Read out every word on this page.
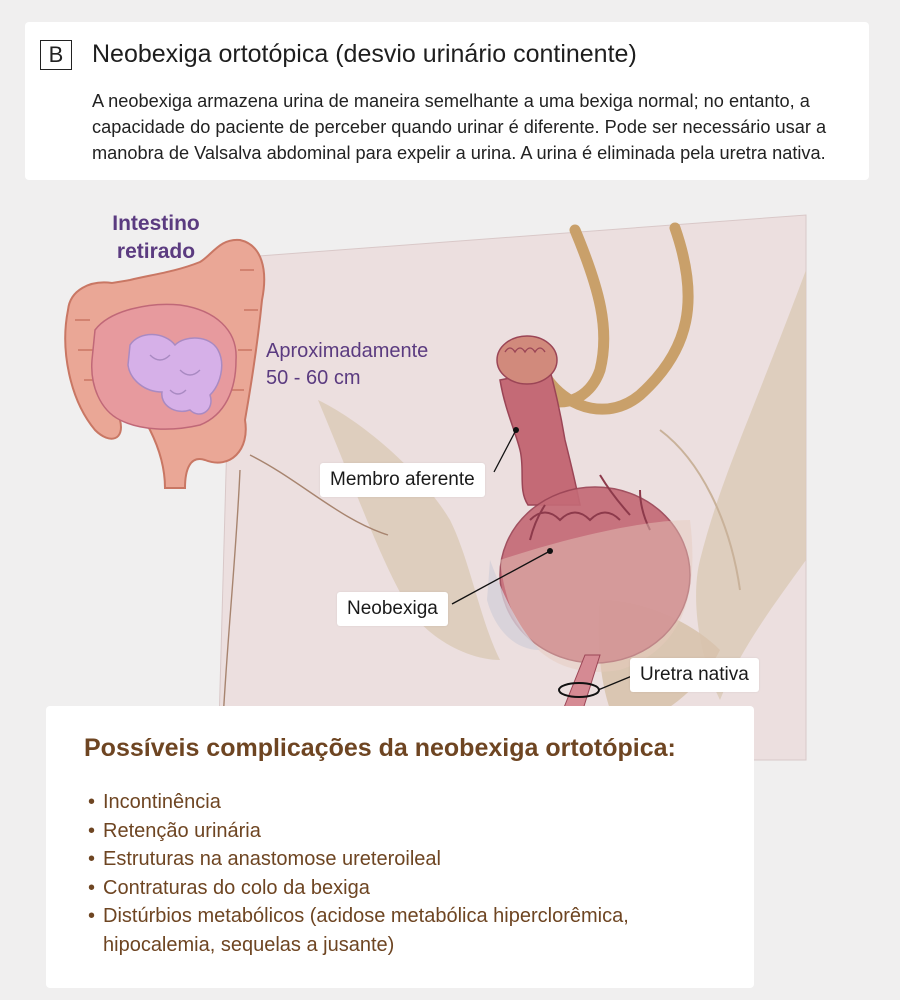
B	Neobexiga ortotópica (desvio urinário continente)
A neobexiga armazena urina de maneira semelhante a uma bexiga normal; no entanto, a capacidade do paciente de perceber quando urinar é diferente. Pode ser necessário usar a manobra de Valsalva abdominal para expelir a urina. A urina é eliminada pela uretra nativa.
Intestino retirado
Aproximadamente
50 - 60 cm
Membro aferente
Neobexiga
Uretra nativa
Possíveis complicações da neobexiga ortotópica:
• Incontinência
• Retenção urinária
• Estruturas na anastomose ureteroileal
• Contraturas do colo da bexiga
• Distúrbios metabólicos (acidose metabólica hiperclorêmica, hipocalemia, sequelas a jusante)
